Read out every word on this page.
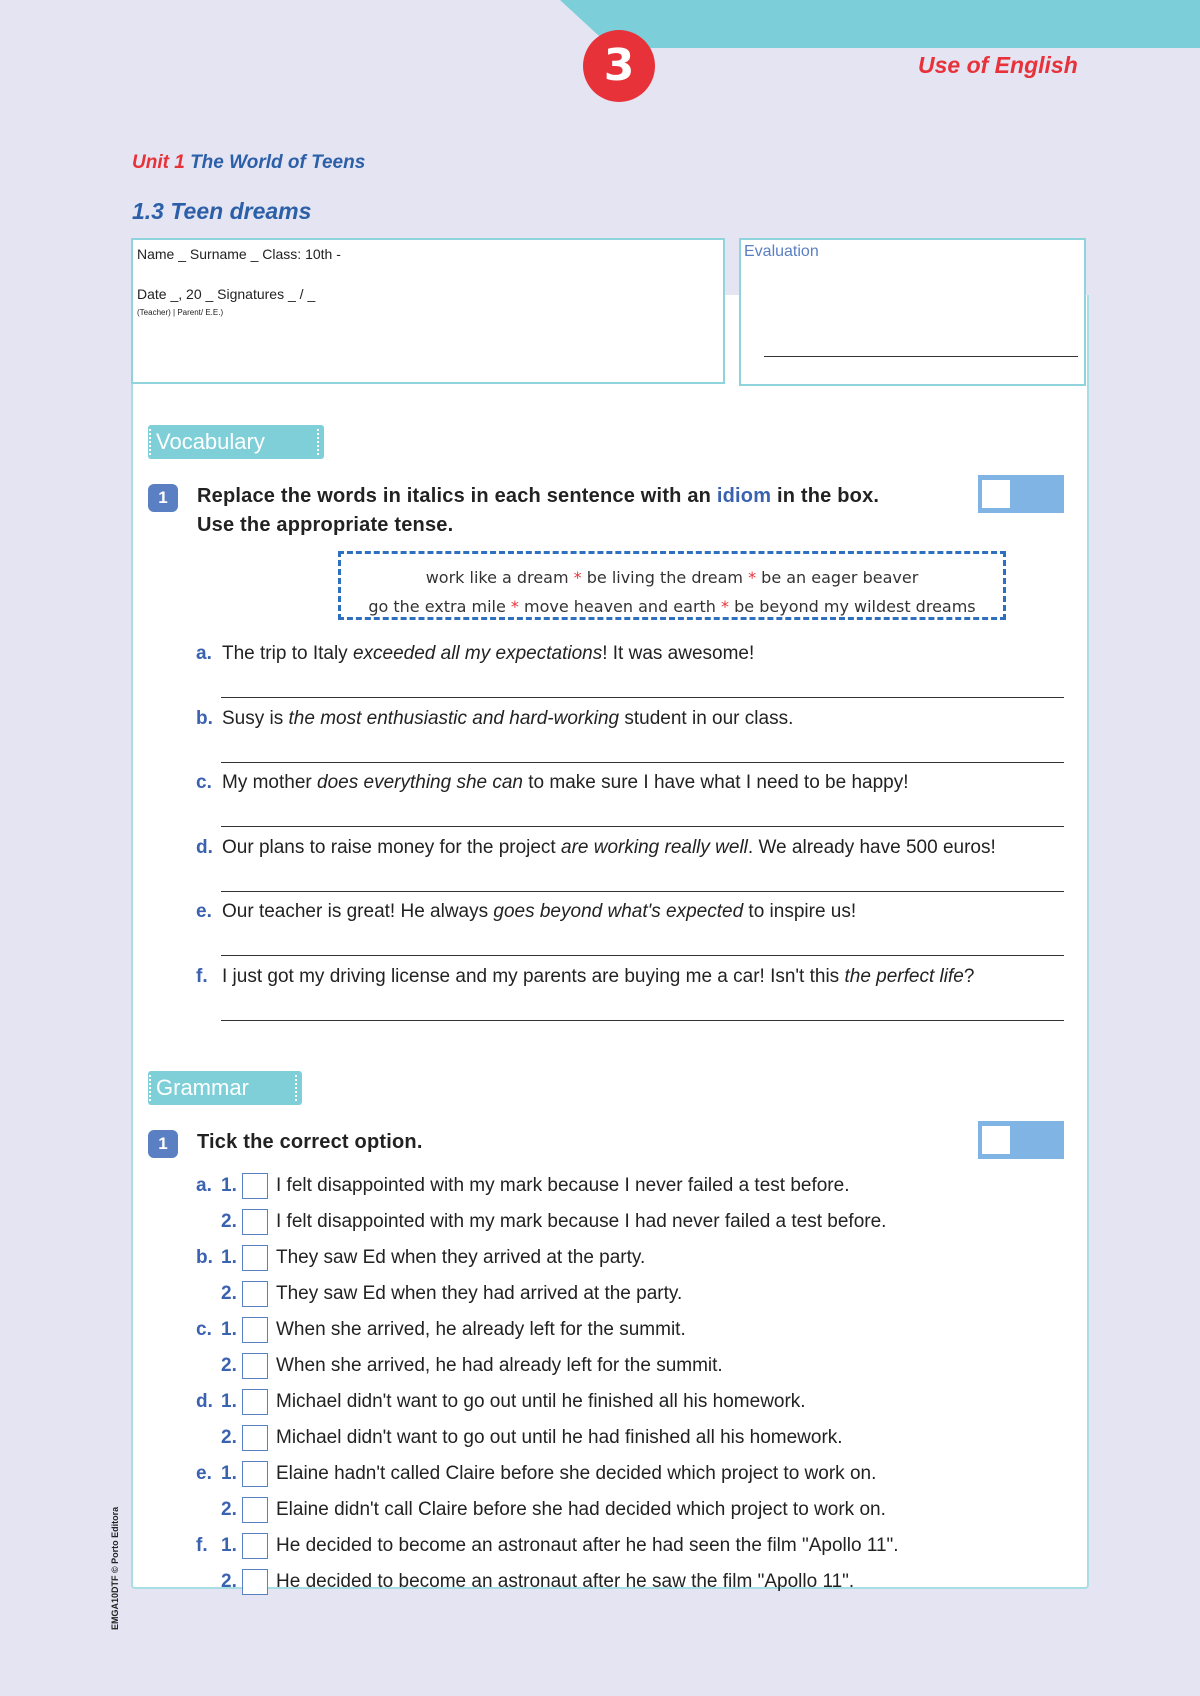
3	Use of English
Unit 1 The World of Teens
1.3 Teen dreams
Name _ Surname _ Class: 10th -
Date _, 20 _ Signatures _ / _
(Teacher) | Parent/ E.E.)
Evaluation
Vocabulary
1	Replace the words in italics in each sentence with an idiom in the box.
Use the appropriate tense.
work like a dream * be living the dream * be an eager beaver
go the extra mile * move heaven and earth * be beyond my wildest dreams
a. The trip to Italy exceeded all my expectations! It was awesome!
b. Susy is the most enthusiastic and hard-working student in our class.
c. My mother does everything she can to make sure I have what I need to be happy!
d. Our plans to raise money for the project are working really well. We already have 500 euros!
e. Our teacher is great! He always goes beyond what's expected to inspire us!
f. I just got my driving license and my parents are buying me a car! Isn't this the perfect life?
Grammar
1	Tick the correct option.
a. 1. I felt disappointed with my mark because I never failed a test before.
2. I felt disappointed with my mark because I had never failed a test before.
b. 1. They saw Ed when they arrived at the party.
2. They saw Ed when they had arrived at the party.
c. 1. When she arrived, he already left for the summit.
2. When she arrived, he had already left for the summit.
d. 1. Michael didn't want to go out until he finished all his homework.
2. Michael didn't want to go out until he had finished all his homework.
e. 1. Elaine hadn't called Claire before she decided which project to work on.
2. Elaine didn't call Claire before she had decided which project to work on.
f. 1. He decided to become an astronaut after he had seen the film "Apollo 11".
2. He decided to become an astronaut after he saw the film "Apollo 11".
EMGA10DTF © Porto Editora
